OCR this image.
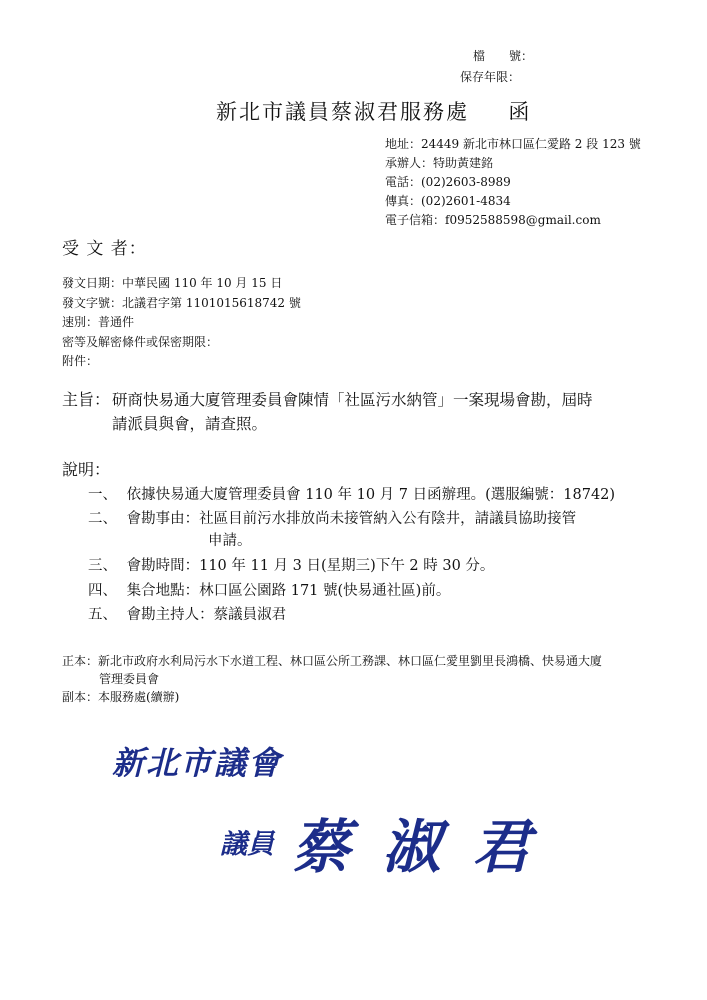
檔　　號：
保存年限：
新北市議員蔡淑君服務處 函
地址：24449 新北市林口區仁愛路 2 段 123 號
承辦人：特助黃建銘
電話：(02)2603-8989
傳真：(02)2601-4834
電子信箱：f0952588598@gmail.com
受 文 者：
發文日期：中華民國 110 年 10 月 15 日
發文字號：北議君字第 1101015618742 號
速別：普通件
密等及解密條件或保密期限：
附件：
主旨： 研商快易通大廈管理委員會陳情「社區污水納管」一案現場會勘，屆時
請派員與會，請查照。
說明：
一、 依據快易通大廈管理委員會 110 年 10 月 7 日函辦理。(選服編號：18742)
二、 會勘事由：社區目前污水排放尚未接管納入公有陰井，請議員協助接管
申請。
三、 會勘時間：110 年 11 月 3 日(星期三)下午 2 時 30 分。
四、 集合地點：林口區公園路 171 號(快易通社區)前。
五、 會勘主持人：蔡議員淑君
正本：新北市政府水利局污水下水道工程、林口區公所工務課、林口區仁愛里劉里長鴻橋、快易通大廈
管理委員會
副本：本服務處(續辦)
新北市議會
議員 蔡 淑 君
